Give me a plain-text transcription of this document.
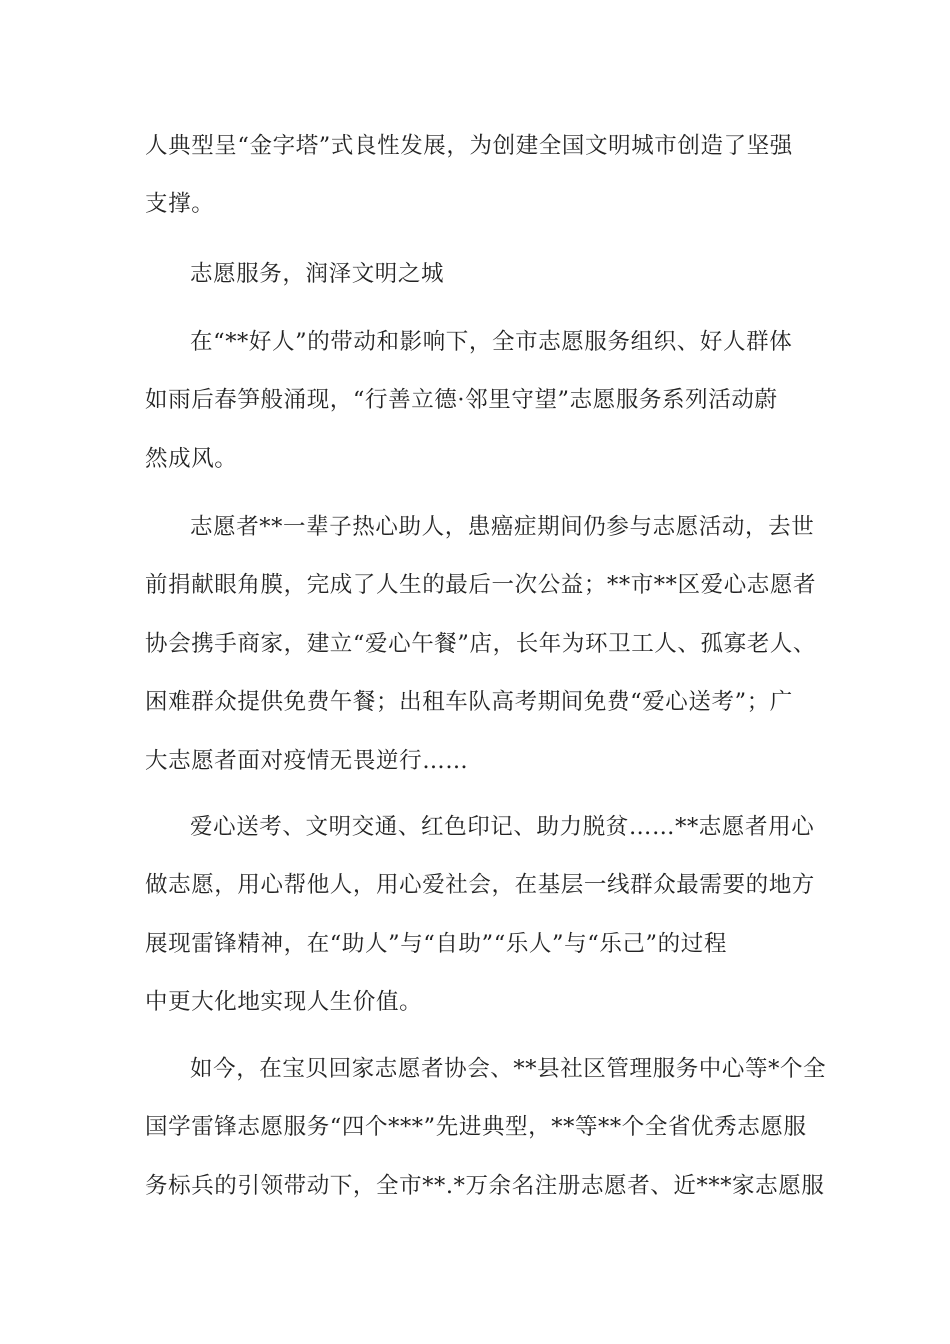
人典型呈“金字塔”式良性发展，为创建全国文明城市创造了坚强
支撑。
志愿服务，润泽文明之城
在“**好人”的带动和影响下，全市志愿服务组织、好人群体
如雨后春笋般涌现，“行善立德·邻里守望”志愿服务系列活动蔚
然成风。
志愿者**一辈子热心助人，患癌症期间仍参与志愿活动，去世
前捐献眼角膜，完成了人生的最后一次公益；**市**区爱心志愿者
协会携手商家，建立“爱心午餐”店，长年为环卫工人、孤寡老人、
困难群众提供免费午餐；出租车队高考期间免费“爱心送考”；广
大志愿者面对疫情无畏逆行……
爱心送考、文明交通、红色印记、助力脱贫……**志愿者用心
做志愿，用心帮他人，用心爱社会，在基层一线群众最需要的地方
展现雷锋精神，在“助人”与“自助”“乐人”与“乐己”的过程
中更大化地实现人生价值。
如今，在宝贝回家志愿者协会、**县社区管理服务中心等*个全
国学雷锋志愿服务“四个***”先进典型，**等**个全省优秀志愿服
务标兵的引领带动下，全市**.*万余名注册志愿者、近***家志愿服
